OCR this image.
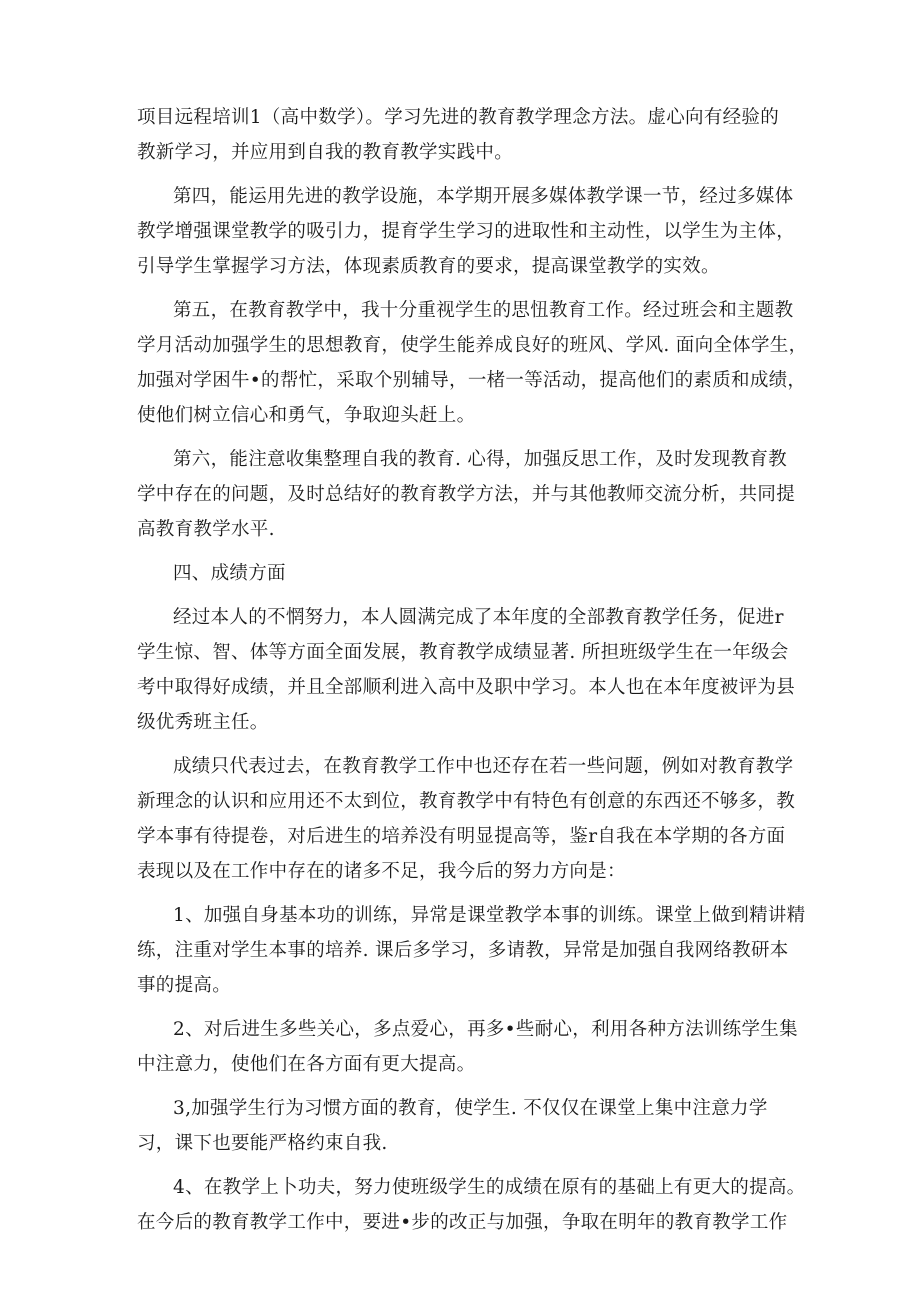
项目远程培训1（高中数学）。学习先进的教育教学理念方法。虚心向有经验的
教新学习，并应用到自我的教育教学实践中。
第四，能运用先进的教学设施，本学期开展多媒体教学课一节，经过多媒体
教学增强课堂教学的吸引力，提育学生学习的进取性和主动性，以学生为主体，
引导学生掌握学习方法，体现素质教育的要求，提高课堂教学的实效。
第五，在教育教学中，我十分重视学生的思忸教育工作。经过班会和主题教
学月活动加强学生的思想教育，使学生能养成良好的班风、学风. 面向全体学生，
加强对学困牛•的帮忙，采取个别辅导，一楮一等活动，提高他们的素质和成绩，
使他们树立信心和勇气，争取迎头赶上。
第六，能注意收集整理自我的教育. 心得，加强反思工作，及时发现教育教
学中存在的问题，及时总结好的教育教学方法，并与其他教师交流分析，共同提
高教育教学水平.
四、成绩方面
经过本人的不惘努力，本人圆满完成了本年度的全部教育教学任务，促进r
学生惊、智、体等方面全面发展，教育教学成绩显著. 所担班级学生在一年级会
考中取得好成绩，并且全部顺利进入高中及职中学习。本人也在本年度被评为县
级优秀班主任。
成绩只代表过去，在教育教学工作中也还存在若一些问题，例如对教育教学
新理念的认识和应用还不太到位，教育教学中有特色有创意的东西还不够多，教
学本事有待提卷，对后进生的培养没有明显提高等，鉴r自我在本学期的各方面
表现以及在工作中存在的诸多不足，我今后的努力方向是：
1、加强自身基本功的训练，异常是课堂教学本事的训练。课堂上做到精讲精
练，注重对学生本事的培养. 课后多学习，多请教，异常是加强自我网络教研本
事的提高。
2、对后进生多些关心，多点爱心，再多•些耐心，利用各种方法训练学生集
中注意力，使他们在各方面有更大提高。
3,加强学生行为习惯方面的教育，使学生. 不仅仅在课堂上集中注意力学
习，课下也要能严格约束自我.
4、在教学上卜功夫，努力使班级学生的成绩在原有的基础上有更大的提高。
在今后的教育教学工作中，要进•步的改正与加强，争取在明年的教育教学工作
